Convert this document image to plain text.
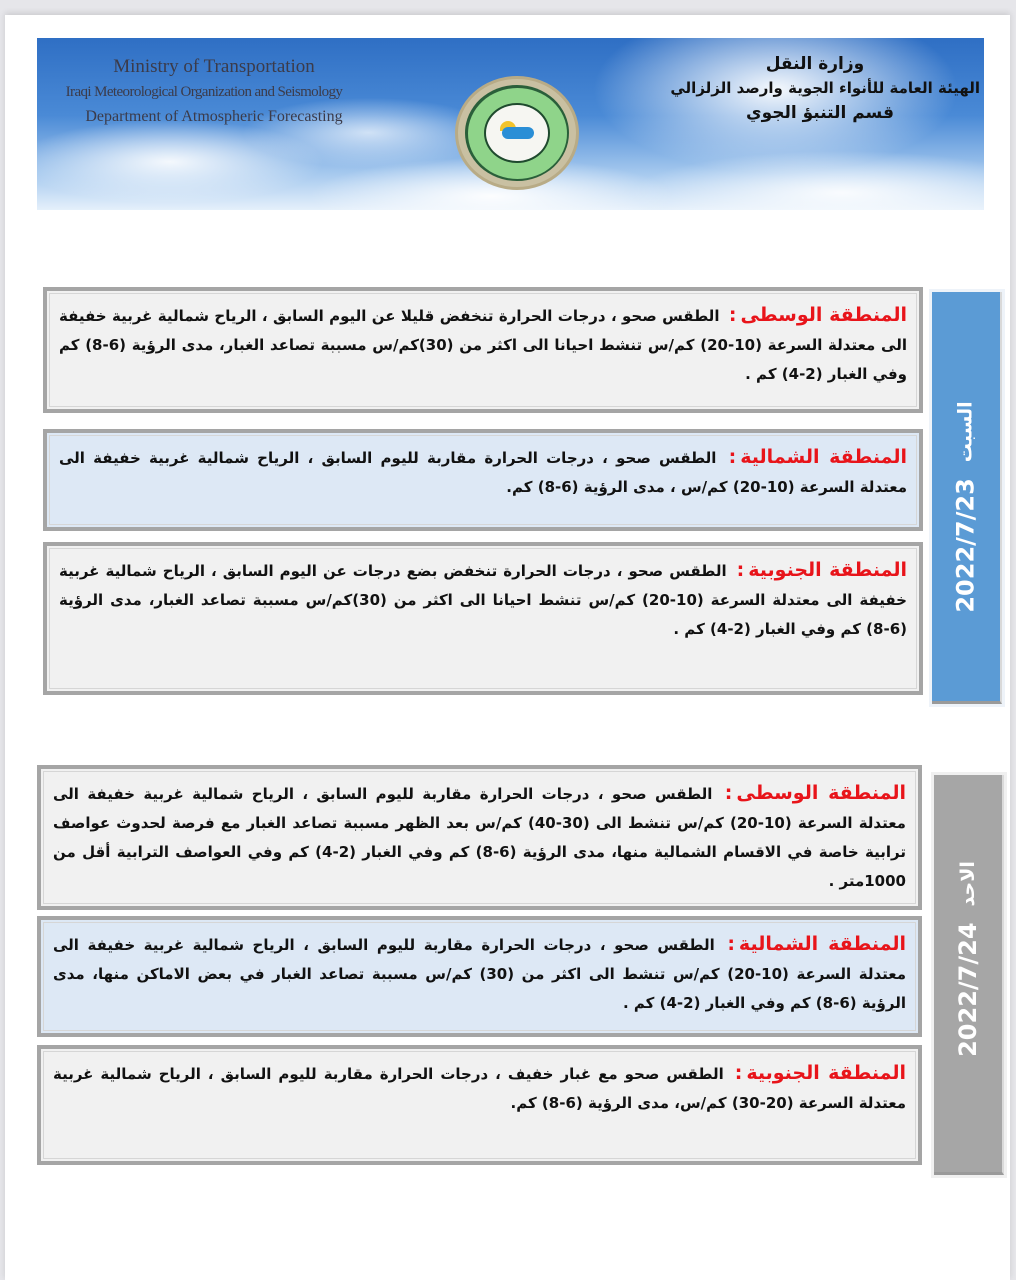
Ministry of Transportation
Iraqi Meteorological Organization and Seismology
Department of Atmospheric Forecasting
وزارة النقل
الهيئة العامة للأنواء الجوية وارصد الزلزالي
قسم التنبؤ الجوي
المنطقة الوسطى: الطقس صحو ، درجات الحرارة تنخفض قليلا عن اليوم السابق ، الرياح شمالية غربية خفيفة الى معتدلة السرعة (10-20) كم/س تنشط احيانا الى اكثر من (30)كم/س مسببة تصاعد الغبار، مدى الرؤية (6-8) كم وفي الغبار (2-4) كم .
المنطقة الشمالية: الطقس صحو ، درجات الحرارة مقاربة لليوم السابق ، الرياح شمالية غربية خفيفة الى معتدلة السرعة (10-20) كم/س ، مدى الرؤية (6-8) كم.
المنطقة الجنوبية: الطقس صحو ، درجات الحرارة تنخفض بضع درجات عن اليوم السابق ، الرياح شمالية غربية خفيفة الى معتدلة السرعة (10-20) كم/س تنشط احيانا الى اكثر من (30)كم/س مسببة تصاعد الغبار، مدى الرؤية (6-8) كم وفي الغبار (2-4) كم .
2022/7/23
السبت
المنطقة الوسطى: الطقس صحو ، درجات الحرارة مقاربة لليوم السابق ، الرياح شمالية غربية خفيفة الى معتدلة السرعة (10-20) كم/س تنشط الى (30-40) كم/س بعد الظهر مسببة تصاعد الغبار مع فرصة لحدوث عواصف ترابية خاصة في الاقسام الشمالية منها، مدى الرؤية (6-8) كم وفي الغبار (2-4) كم وفي العواصف الترابية أقل من 1000متر .
المنطقة الشمالية: الطقس صحو ، درجات الحرارة مقاربة لليوم السابق ، الرياح شمالية غربية خفيفة الى معتدلة السرعة (10-20) كم/س تنشط الى اكثر من (30) كم/س مسببة تصاعد الغبار في بعض الاماكن منها، مدى الرؤية (6-8) كم وفي الغبار (2-4) كم .
المنطقة الجنوبية: الطقس صحو مع غبار خفيف ، درجات الحرارة مقاربة لليوم السابق ، الرياح شمالية غربية معتدلة السرعة (20-30) كم/س، مدى الرؤية (6-8) كم.
2022/7/24
الاحد
